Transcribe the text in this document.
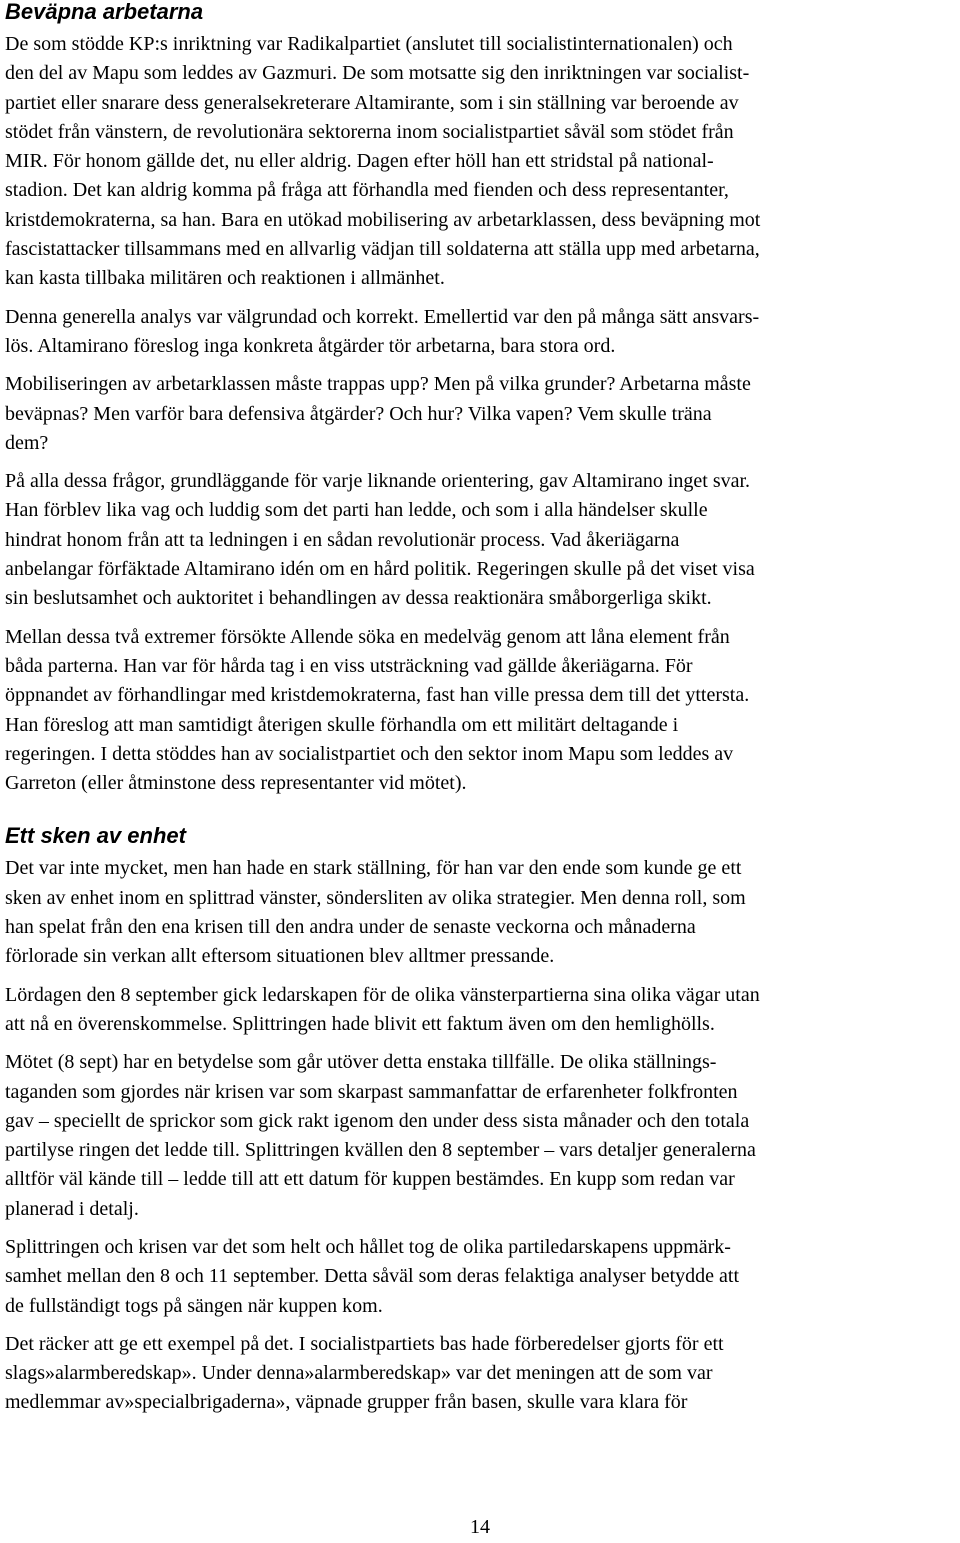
Beväpna arbetarna

De som stödde KP:s inriktning var Radikalpartiet (anslutet till socialistinternationalen) och
den del av Mapu som leddes av Gazmuri. De som motsatte sig den inriktningen var socialist-
partiet eller snarare dess generalsekreterare Altamirante, som i sin ställning var beroende av
stödet från vänstern, de revolutionära sektorerna inom socialistpartiet såväl som stödet från
MIR. För honom gällde det, nu eller aldrig. Dagen efter höll han ett stridstal på national-
stadion. Det kan aldrig komma på fråga att förhandla med fienden och dess representanter,
kristdemokraterna, sa han. Bara en utökad mobilisering av arbetarklassen, dess beväpning mot
fascistattacker tillsammans med en allvarlig vädjan till soldaterna att ställa upp med arbetarna,
kan kasta tillbaka militären och reaktionen i allmänhet.

Denna generella analys var välgrundad och korrekt. Emellertid var den på många sätt ansvars-
lös. Altamirano föreslog inga konkreta åtgärder tör arbetarna, bara stora ord.

Mobiliseringen av arbetarklassen måste trappas upp? Men på vilka grunder? Arbetarna måste
beväpnas? Men varför bara defensiva åtgärder? Och hur? Vilka vapen? Vem skulle träna
dem?

På alla dessa frågor, grundläggande för varje liknande orientering, gav Altamirano inget svar.
Han förblev lika vag och luddig som det parti han ledde, och som i alla händelser skulle
hindrat honom från att ta ledningen i en sådan revolutionär process. Vad åkeriägarna
anbelangar förfäktade Altamirano idén om en hård politik. Regeringen skulle på det viset visa
sin beslutsamhet och auktoritet i behandlingen av dessa reaktionära småborgerliga skikt.

Mellan dessa två extremer försökte Allende söka en medelväg genom att låna element från
båda parterna. Han var för hårda tag i en viss utsträckning vad gällde åkeriägarna. För
öppnandet av förhandlingar med kristdemokraterna, fast han ville pressa dem till det yttersta.
Han föreslog att man samtidigt återigen skulle förhandla om ett militärt deltagande i
regeringen. I detta stöddes han av socialistpartiet och den sektor inom Mapu som leddes av
Garreton (eller åtminstone dess representanter vid mötet).

Ett sken av enhet

Det var inte mycket, men han hade en stark ställning, för han var den ende som kunde ge ett
sken av enhet inom en splittrad vänster, söndersliten av olika strategier. Men denna roll, som
han spelat från den ena krisen till den andra under de senaste veckorna och månaderna
förlorade sin verkan allt eftersom situationen blev alltmer pressande.

Lördagen den 8 september gick ledarskapen för de olika vänsterpartierna sina olika vägar utan
att nå en överenskommelse. Splittringen hade blivit ett faktum även om den hemlighölls.

Mötet (8 sept) har en betydelse som går utöver detta enstaka tillfälle. De olika ställnings-
taganden som gjordes när krisen var som skarpast sammanfattar de erfarenheter folkfronten
gav – speciellt de sprickor som gick rakt igenom den under dess sista månader och den totala
partilyse ringen det ledde till. Splittringen kvällen den 8 september – vars detaljer generalerna
alltför väl kände till – ledde till att ett datum för kuppen bestämdes. En kupp som redan var
planerad i detalj.

Splittringen och krisen var det som helt och hållet tog de olika partiledarskapens uppmärk-
samhet mellan den 8 och 11 september. Detta såväl som deras felaktiga analyser betydde att
de fullständigt togs på sängen när kuppen kom.

Det räcker att ge ett exempel på det. I socialistpartiets bas hade förberedelser gjorts för ett
slags»alarmberedskap». Under denna»alarmberedskap» var det meningen att de som var
medlemmar av»specialbrigaderna», väpnade grupper från basen, skulle vara klara för

14
